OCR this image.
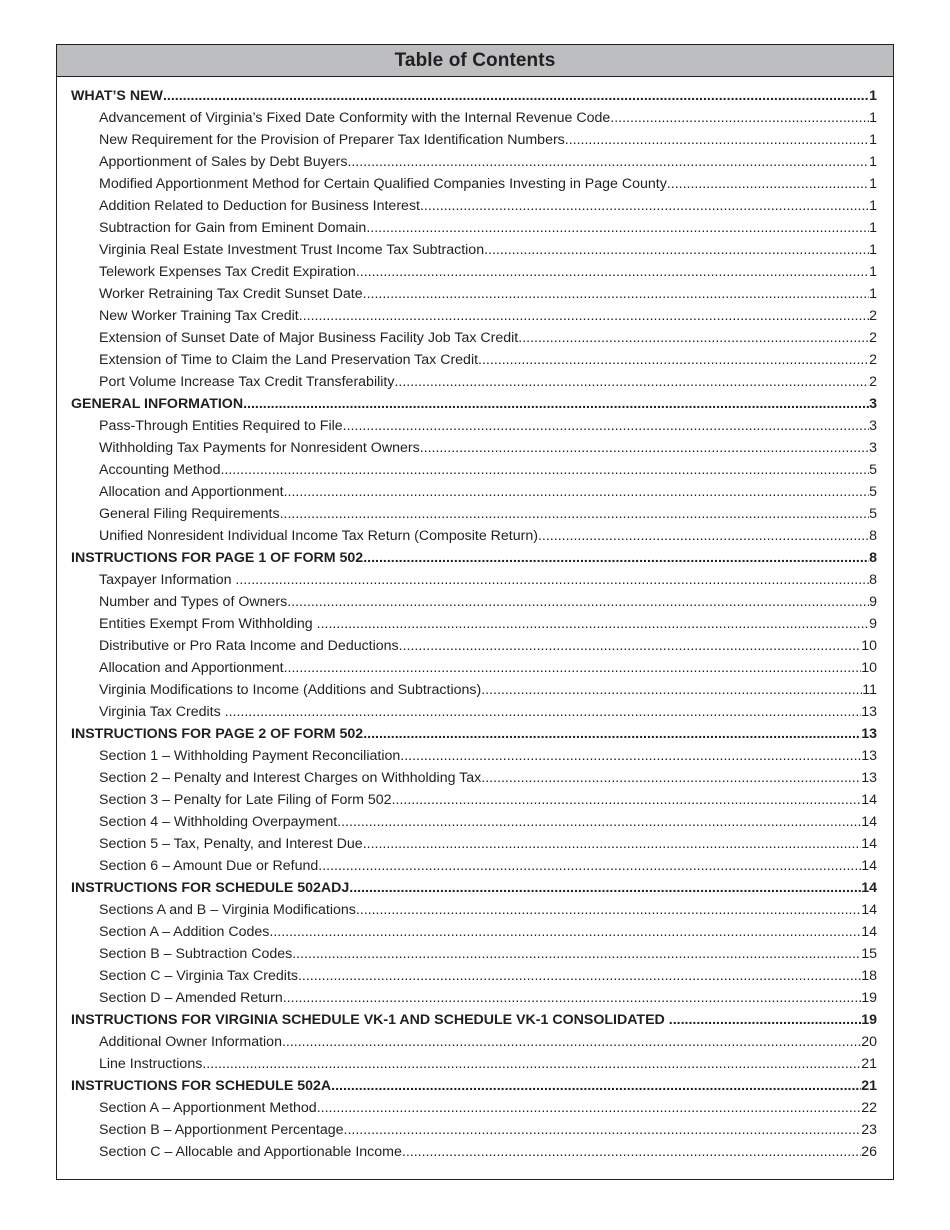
Table of Contents
WHAT’S NEW .....	1
Advancement of Virginia’s Fixed Date Conformity with the Internal Revenue Code .....	1
New Requirement for the Provision of Preparer Tax Identification Numbers .....	1
Apportionment of Sales by Debt Buyers .....	1
Modified Apportionment Method for Certain Qualified Companies Investing in Page County .....	1
Addition Related to Deduction for Business Interest .....	1
Subtraction for Gain from Eminent Domain .....	1
Virginia Real Estate Investment Trust Income Tax Subtraction .....	1
Telework Expenses Tax Credit Expiration .....	1
Worker Retraining Tax Credit Sunset Date .....	1
New Worker Training Tax Credit .....	2
Extension of Sunset Date of Major Business Facility Job Tax Credit .....	2
Extension of Time to Claim the Land Preservation Tax Credit .....	2
Port Volume Increase Tax Credit Transferability .....	2
GENERAL INFORMATION .....	3
Pass-Through Entities Required to File .....	3
Withholding Tax Payments for Nonresident Owners .....	3
Accounting Method .....	5
Allocation and Apportionment .....	5
General Filing Requirements .....	5
Unified Nonresident Individual Income Tax Return (Composite Return) .....	8
INSTRUCTIONS FOR PAGE 1 OF FORM 502 .....	8
Taxpayer Information .....	8
Number and Types of Owners .....	9
Entities Exempt From Withholding .....	9
Distributive or Pro Rata Income and Deductions .....	10
Allocation and Apportionment .....	10
Virginia Modifications to Income (Additions and Subtractions) .....	11
Virginia Tax Credits .....	13
INSTRUCTIONS FOR PAGE 2 OF FORM 502 .....	13
Section 1 – Withholding Payment Reconciliation .....	13
Section 2 – Penalty and Interest Charges on Withholding Tax .....	13
Section 3 – Penalty for Late Filing of Form 502 .....	14
Section 4 – Withholding Overpayment .....	14
Section 5 – Tax, Penalty, and Interest Due .....	14
Section 6 – Amount Due or Refund .....	14
INSTRUCTIONS FOR SCHEDULE 502ADJ .....	14
Sections A and B – Virginia Modifications .....	14
Section A – Addition Codes .....	14
Section B – Subtraction Codes .....	15
Section C – Virginia Tax Credits .....	18
Section D – Amended Return .....	19
INSTRUCTIONS FOR VIRGINIA SCHEDULE VK-1 AND SCHEDULE VK-1 CONSOLIDATED .....	19
Additional Owner Information .....	20
Line Instructions .....	21
INSTRUCTIONS FOR SCHEDULE 502A .....	21
Section A – Apportionment Method .....	22
Section B – Apportionment Percentage .....	23
Section C – Allocable and Apportionable Income .....	26
